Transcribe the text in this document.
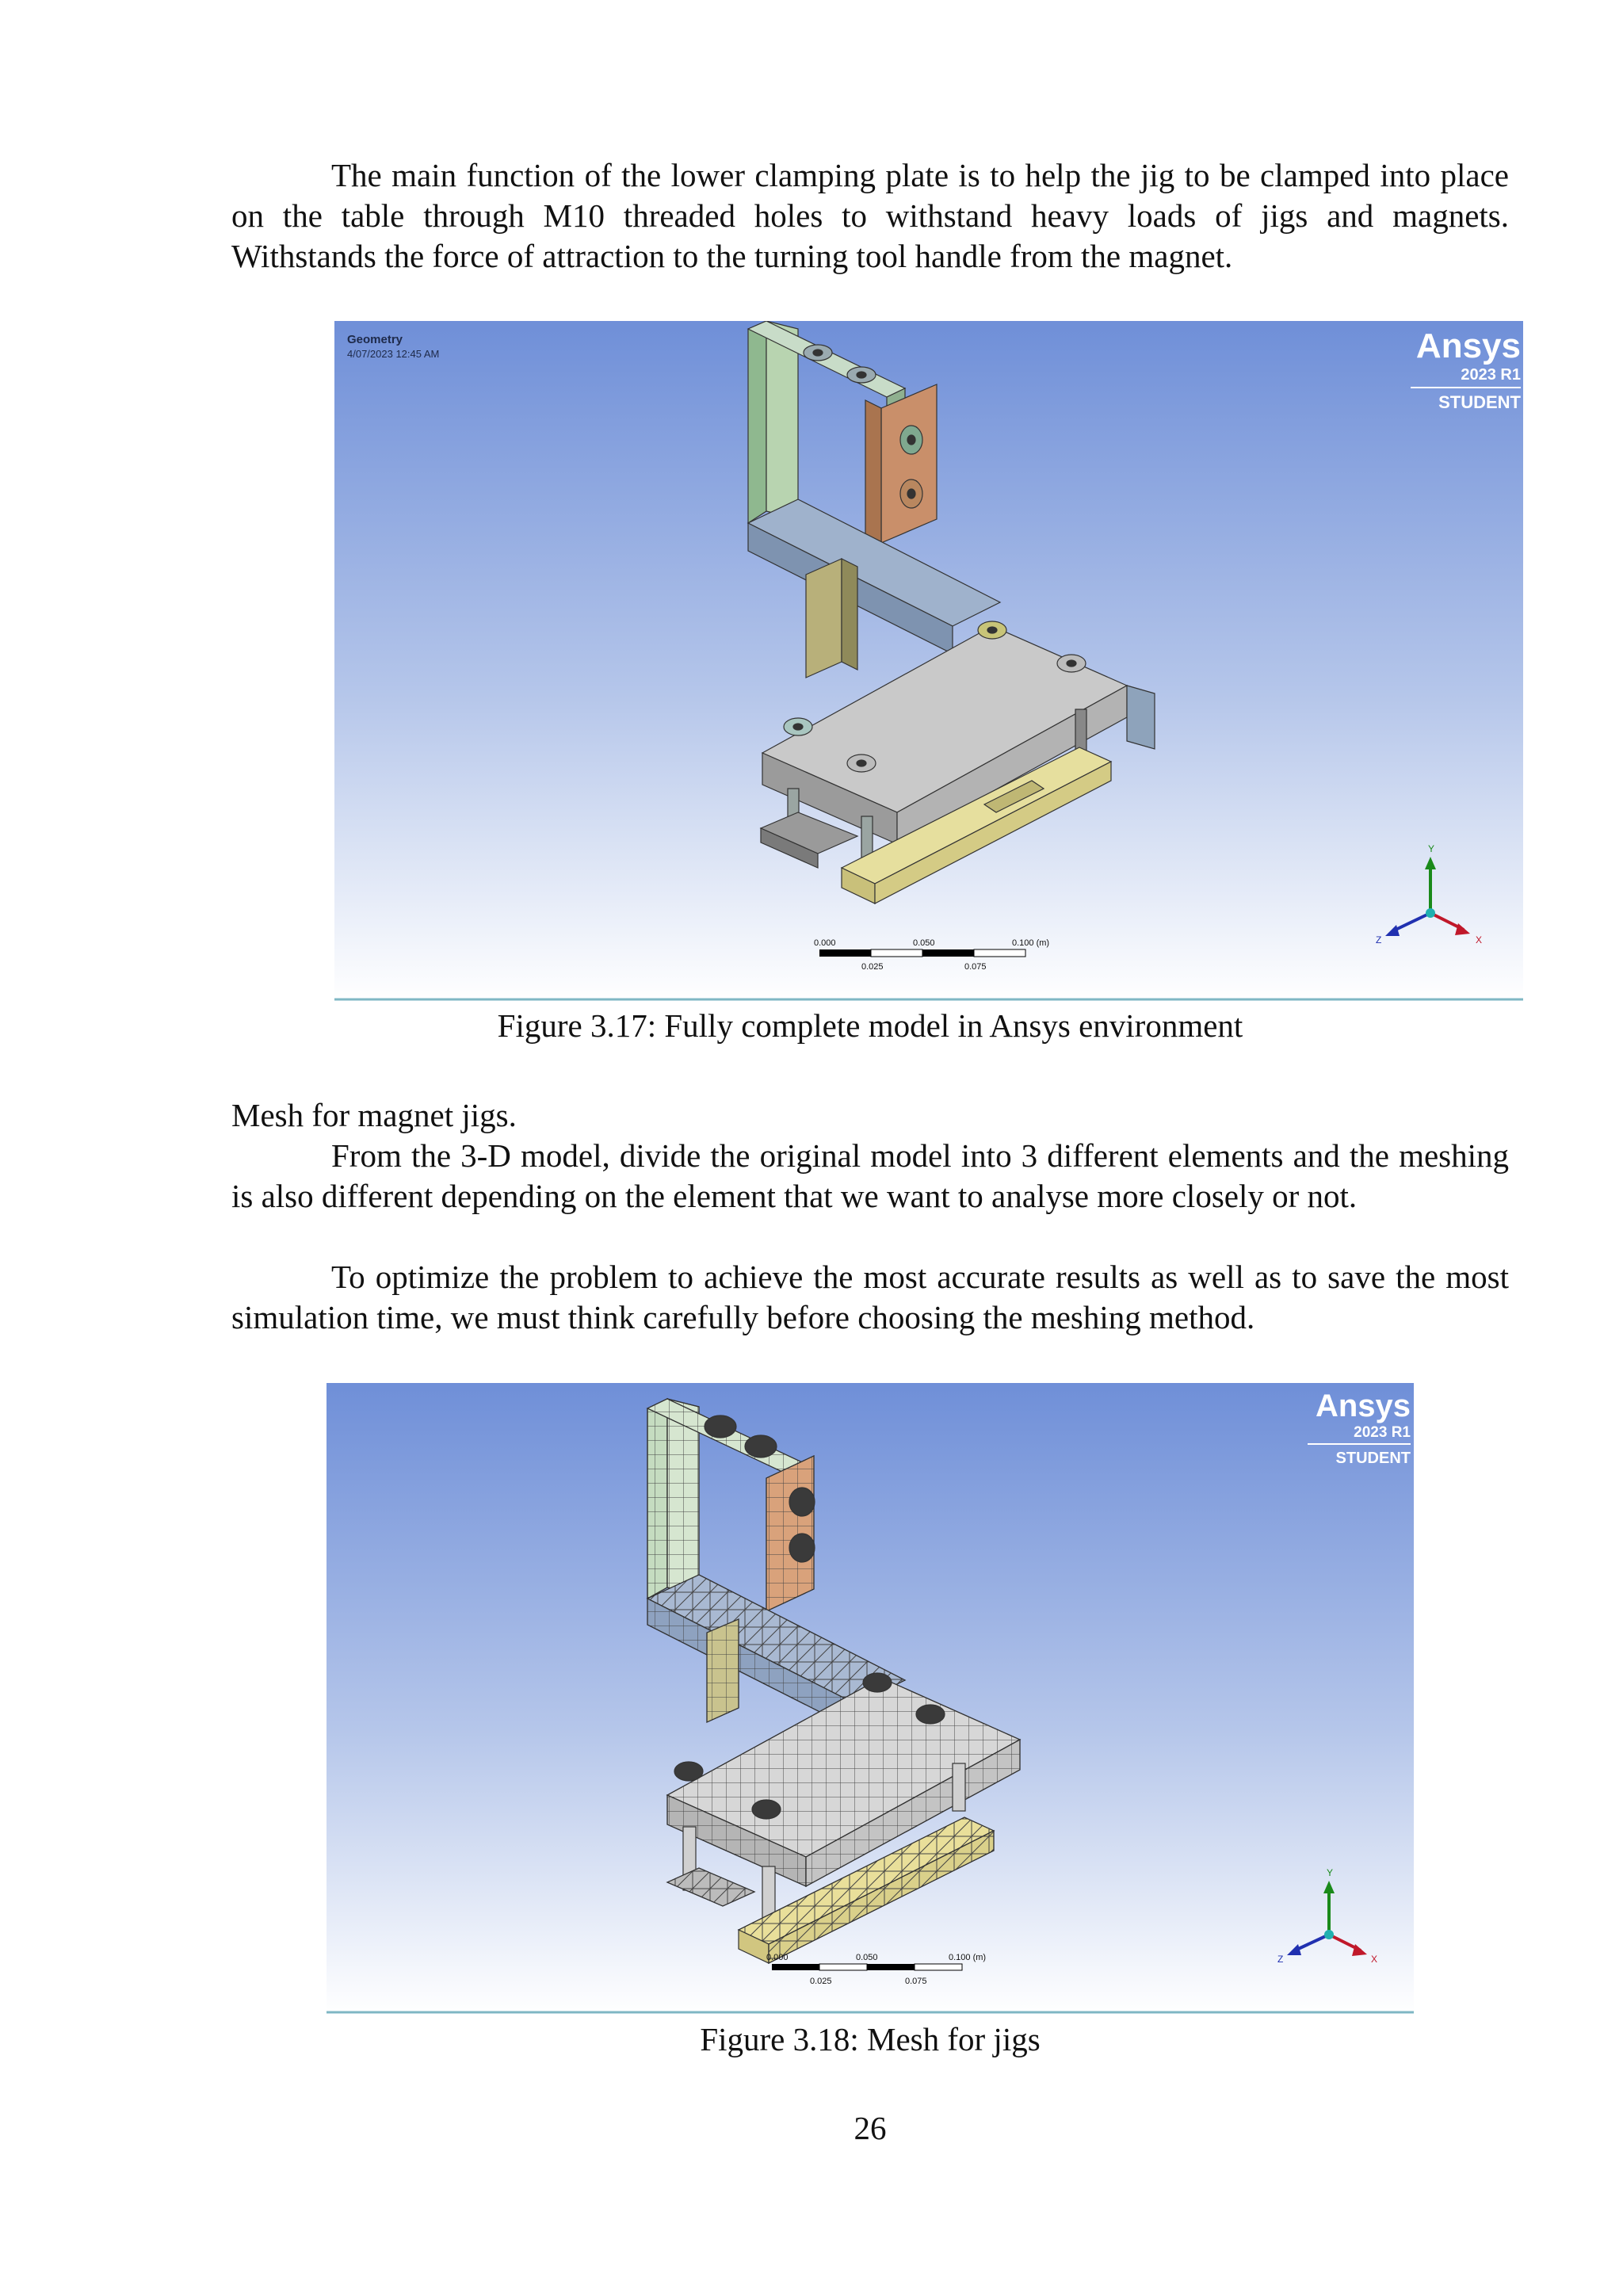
The main function of the lower clamping plate is to help the jig to be clamped into place on the table through M10 threaded holes to withstand heavy loads of jigs and magnets. Withstands the force of attraction to the turning tool handle from the magnet.

Geometry
4/07/2023 12:45 AM	Ansys
2023 R1
STUDENT
0.000	0.050	0.100 (m)
0.025	0.075
Y
Z	X

Figure 3.17: Fully complete model in Ansys environment

Mesh for magnet jigs.

From the 3-D model, divide the original model into 3 different elements and the meshing is also different depending on the element that we want to analyse more closely or not.

To optimize the problem to achieve the most accurate results as well as to save the most simulation time, we must think carefully before choosing the meshing method.

Ansys
2023 R1
STUDENT
0.000	0.050	0.100 (m)
0.025	0.075
Y
Z	X

Figure 3.18: Mesh for jigs

26
